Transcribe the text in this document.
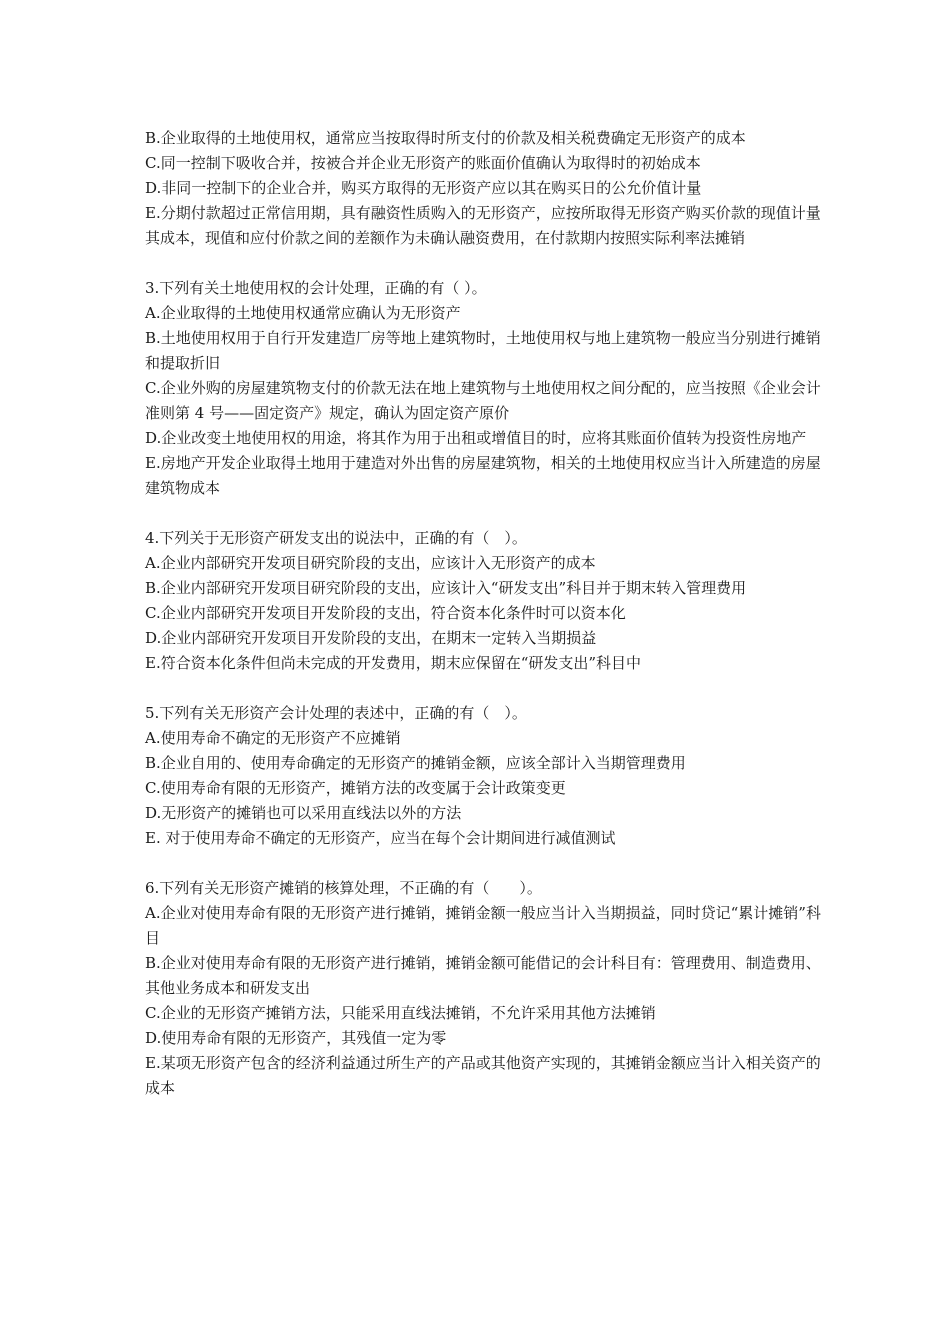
B.企业取得的土地使用权，通常应当按取得时所支付的价款及相关税费确定无形资产的成本

C.同一控制下吸收合并，按被合并企业无形资产的账面价值确认为取得时的初始成本

D.非同一控制下的企业合并，购买方取得的无形资产应以其在购买日的公允价值计量

E.分期付款超过正常信用期，具有融资性质购入的无形资产，应按所取得无形资产购买价款的现值计量其成本，现值和应付价款之间的差额作为未确认融资费用，在付款期内按照实际利率法摊销

3.下列有关土地使用权的会计处理，正确的有（ ）。

A.企业取得的土地使用权通常应确认为无形资产

B.土地使用权用于自行开发建造厂房等地上建筑物时，土地使用权与地上建筑物一般应当分别进行摊销和提取折旧

C.企业外购的房屋建筑物支付的价款无法在地上建筑物与土地使用权之间分配的，应当按照《企业会计准则第 4 号——固定资产》规定，确认为固定资产原价

D.企业改变土地使用权的用途，将其作为用于出租或增值目的时，应将其账面价值转为投资性房地产

E.房地产开发企业取得土地用于建造对外出售的房屋建筑物，相关的土地使用权应当计入所建造的房屋建筑物成本

4.下列关于无形资产研发支出的说法中，正确的有（　）。

A.企业内部研究开发项目研究阶段的支出，应该计入无形资产的成本

B.企业内部研究开发项目研究阶段的支出，应该计入“研发支出”科目并于期末转入管理费用

C.企业内部研究开发项目开发阶段的支出，符合资本化条件时可以资本化

D.企业内部研究开发项目开发阶段的支出，在期末一定转入当期损益

E.符合资本化条件但尚未完成的开发费用，期末应保留在“研发支出”科目中

5.下列有关无形资产会计处理的表述中，正确的有（　）。

A.使用寿命不确定的无形资产不应摊销

B.企业自用的、使用寿命确定的无形资产的摊销金额，应该全部计入当期管理费用

C.使用寿命有限的无形资产，摊销方法的改变属于会计政策变更

D.无形资产的摊销也可以采用直线法以外的方法

E. 对于使用寿命不确定的无形资产，应当在每个会计期间进行减值测试

6.下列有关无形资产摊销的核算处理，不正确的有（　　）。

A.企业对使用寿命有限的无形资产进行摊销，摊销金额一般应当计入当期损益，同时贷记“累计摊销”科目

B.企业对使用寿命有限的无形资产进行摊销，摊销金额可能借记的会计科目有：管理费用、制造费用、其他业务成本和研发支出

C.企业的无形资产摊销方法，只能采用直线法摊销，不允许采用其他方法摊销

D.使用寿命有限的无形资产，其残值一定为零

E.某项无形资产包含的经济利益通过所生产的产品或其他资产实现的，其摊销金额应当计入相关资产的成本
